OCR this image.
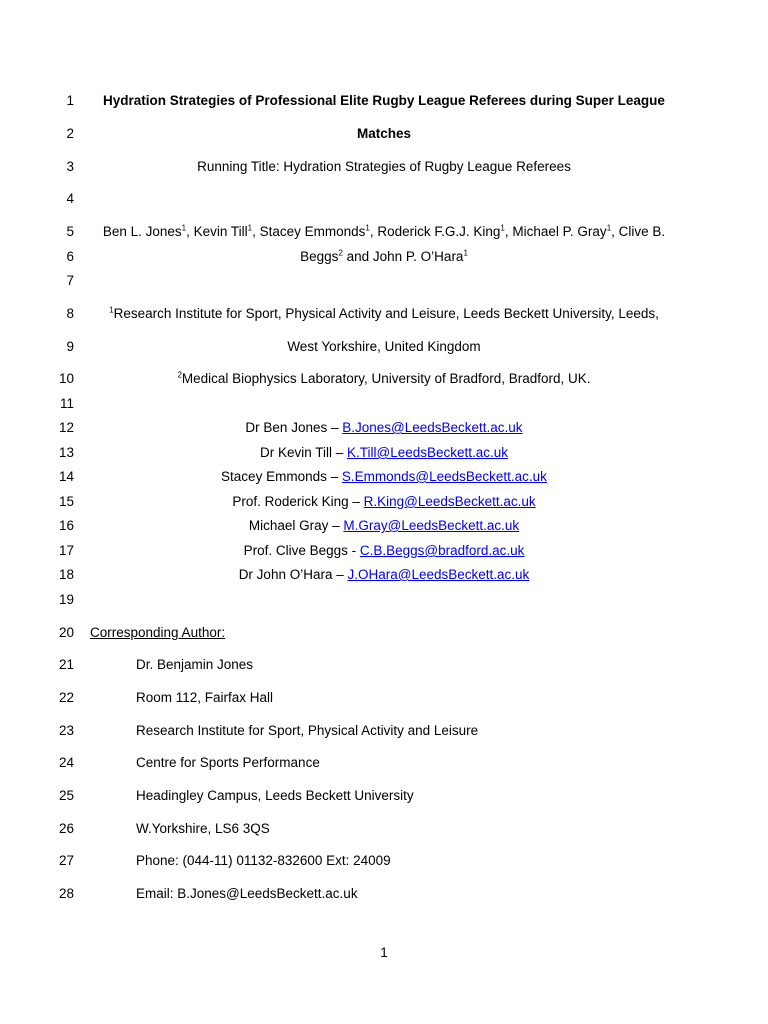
1
2
3
4
5
6
7
8
9
10
11
12
13
14
15
16
17
18
19
20
21
22
23
24
25
26
27
28
Hydration Strategies of Professional Elite Rugby League Referees during Super League
Matches
Running Title: Hydration Strategies of Rugby League Referees
Ben L. Jones$^1$, Kevin Till$^1$, Stacey Emmonds$^1$, Roderick F.G.J. King$^1$, Michael P. Gray$^1$, Clive B.
Beggs$^2$ and John P. O’Hara$^1$
$^1$Research Institute for Sport, Physical Activity and Leisure, Leeds Beckett University, Leeds,
West Yorkshire, United Kingdom
$^2$Medical Biophysics Laboratory, University of Bradford, Bradford, UK.
Dr Ben Jones – B.Jones@LeedsBeckett.ac.uk
Dr Kevin Till – K.Till@LeedsBeckett.ac.uk
Stacey Emmonds – S.Emmonds@LeedsBeckett.ac.uk
Prof. Roderick King – R.King@LeedsBeckett.ac.uk
Michael Gray – M.Gray@LeedsBeckett.ac.uk
Prof. Clive Beggs - C.B.Beggs@bradford.ac.uk
Dr John O’Hara – J.OHara@LeedsBeckett.ac.uk
Corresponding Author:
Dr. Benjamin Jones
Room 112, Fairfax Hall
Research Institute for Sport, Physical Activity and Leisure
Centre for Sports Performance
Headingley Campus, Leeds Beckett University
W.Yorkshire, LS6 3QS
Phone: (044-11) 01132-832600 Ext: 24009
Email: B.Jones@LeedsBeckett.ac.uk
1
